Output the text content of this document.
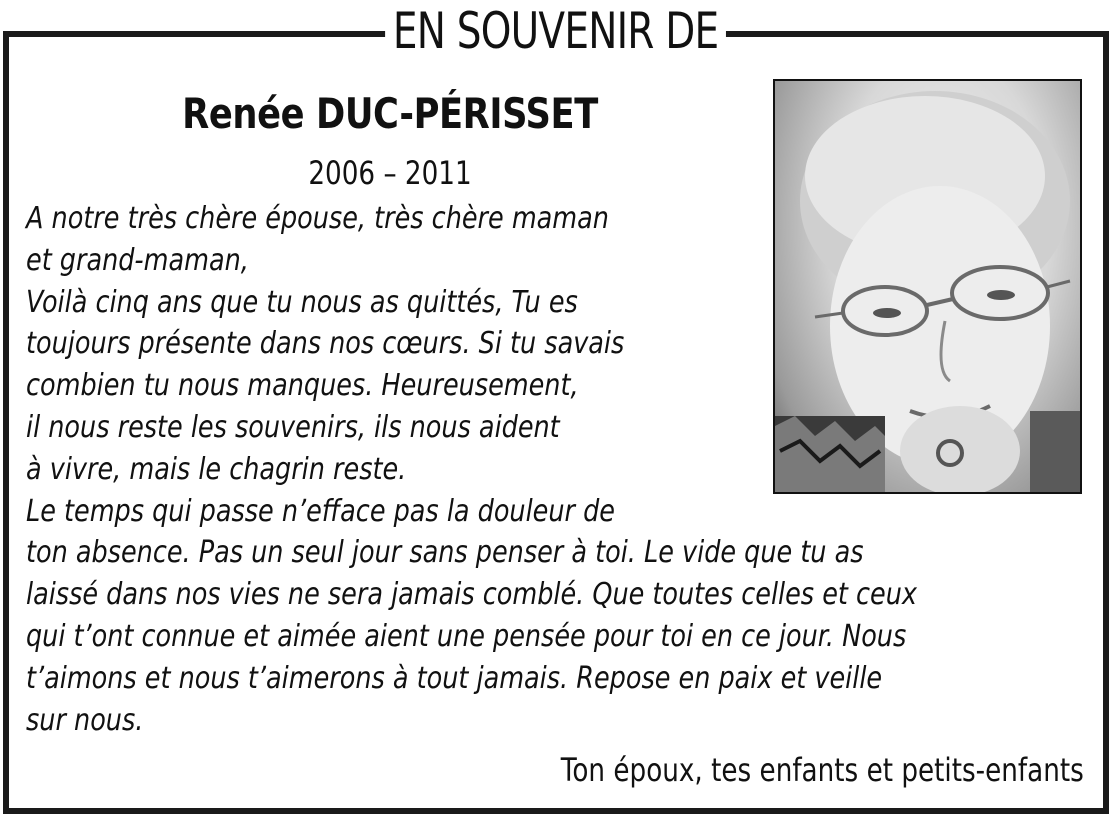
EN SOUVENIR DE
Renée DUC-PÉRISSET
2006 – 2011
A notre très chère épouse, très chère maman
et grand-maman,
Voilà cinq ans que tu nous as quittés, Tu es
toujours présente dans nos cœurs. Si tu savais
combien tu nous manques. Heureusement,
il nous reste les souvenirs, ils nous aident
à vivre, mais le chagrin reste.
Le temps qui passe n’efface pas la douleur de
ton absence. Pas un seul jour sans penser à toi. Le vide que tu as
laissé dans nos vies ne sera jamais comblé. Que toutes celles et ceux
qui t’ont connue et aimée aient une pensée pour toi en ce jour. Nous
t’aimons et nous t’aimerons à tout jamais. Repose en paix et veille
sur nous.
Ton époux, tes enfants et petits-enfants
